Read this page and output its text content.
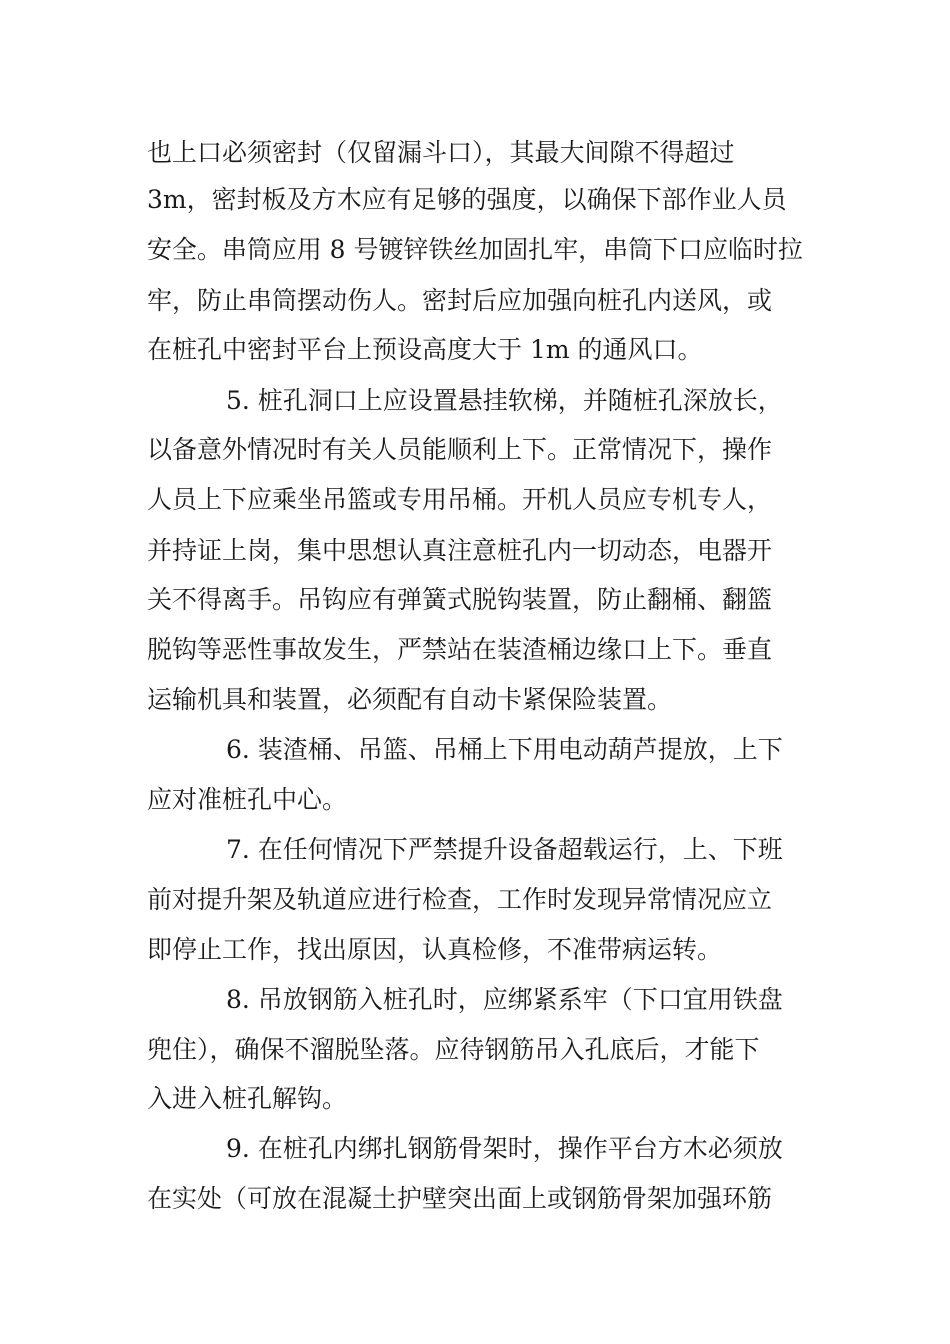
也上口必须密封（仅留漏斗口），其最大间隙不得超过
3m，密封板及方木应有足够的强度，以确保下部作业人员
安全。串筒应用 8 号镀锌铁丝加固扎牢，串筒下口应临时拉
牢，防止串筒摆动伤人。密封后应加强向桩孔内送风，或
在桩孔中密封平台上预设高度大于 1m 的通风口。
5. 桩孔洞口上应设置悬挂软梯，并随桩孔深放长，
以备意外情况时有关人员能顺利上下。正常情况下，操作
人员上下应乘坐吊篮或专用吊桶。开机人员应专机专人，
并持证上岗，集中思想认真注意桩孔内一切动态，电器开
关不得离手。吊钩应有弹簧式脱钩装置，防止翻桶、翻篮
脱钩等恶性事故发生，严禁站在装渣桶边缘口上下。垂直
运输机具和装置，必须配有自动卡紧保险装置。
6. 装渣桶、吊篮、吊桶上下用电动葫芦提放，上下
应对准桩孔中心。
7. 在任何情况下严禁提升设备超载运行，上、下班
前对提升架及轨道应进行检查，工作时发现异常情况应立
即停止工作，找出原因，认真检修，不准带病运转。
8. 吊放钢筋入桩孔时，应绑紧系牢（下口宜用铁盘
兜住），确保不溜脱坠落。应待钢筋吊入孔底后，才能下
入进入桩孔解钩。
9. 在桩孔内绑扎钢筋骨架时，操作平台方木必须放
在实处（可放在混凝土护壁突出面上或钢筋骨架加强环筋
